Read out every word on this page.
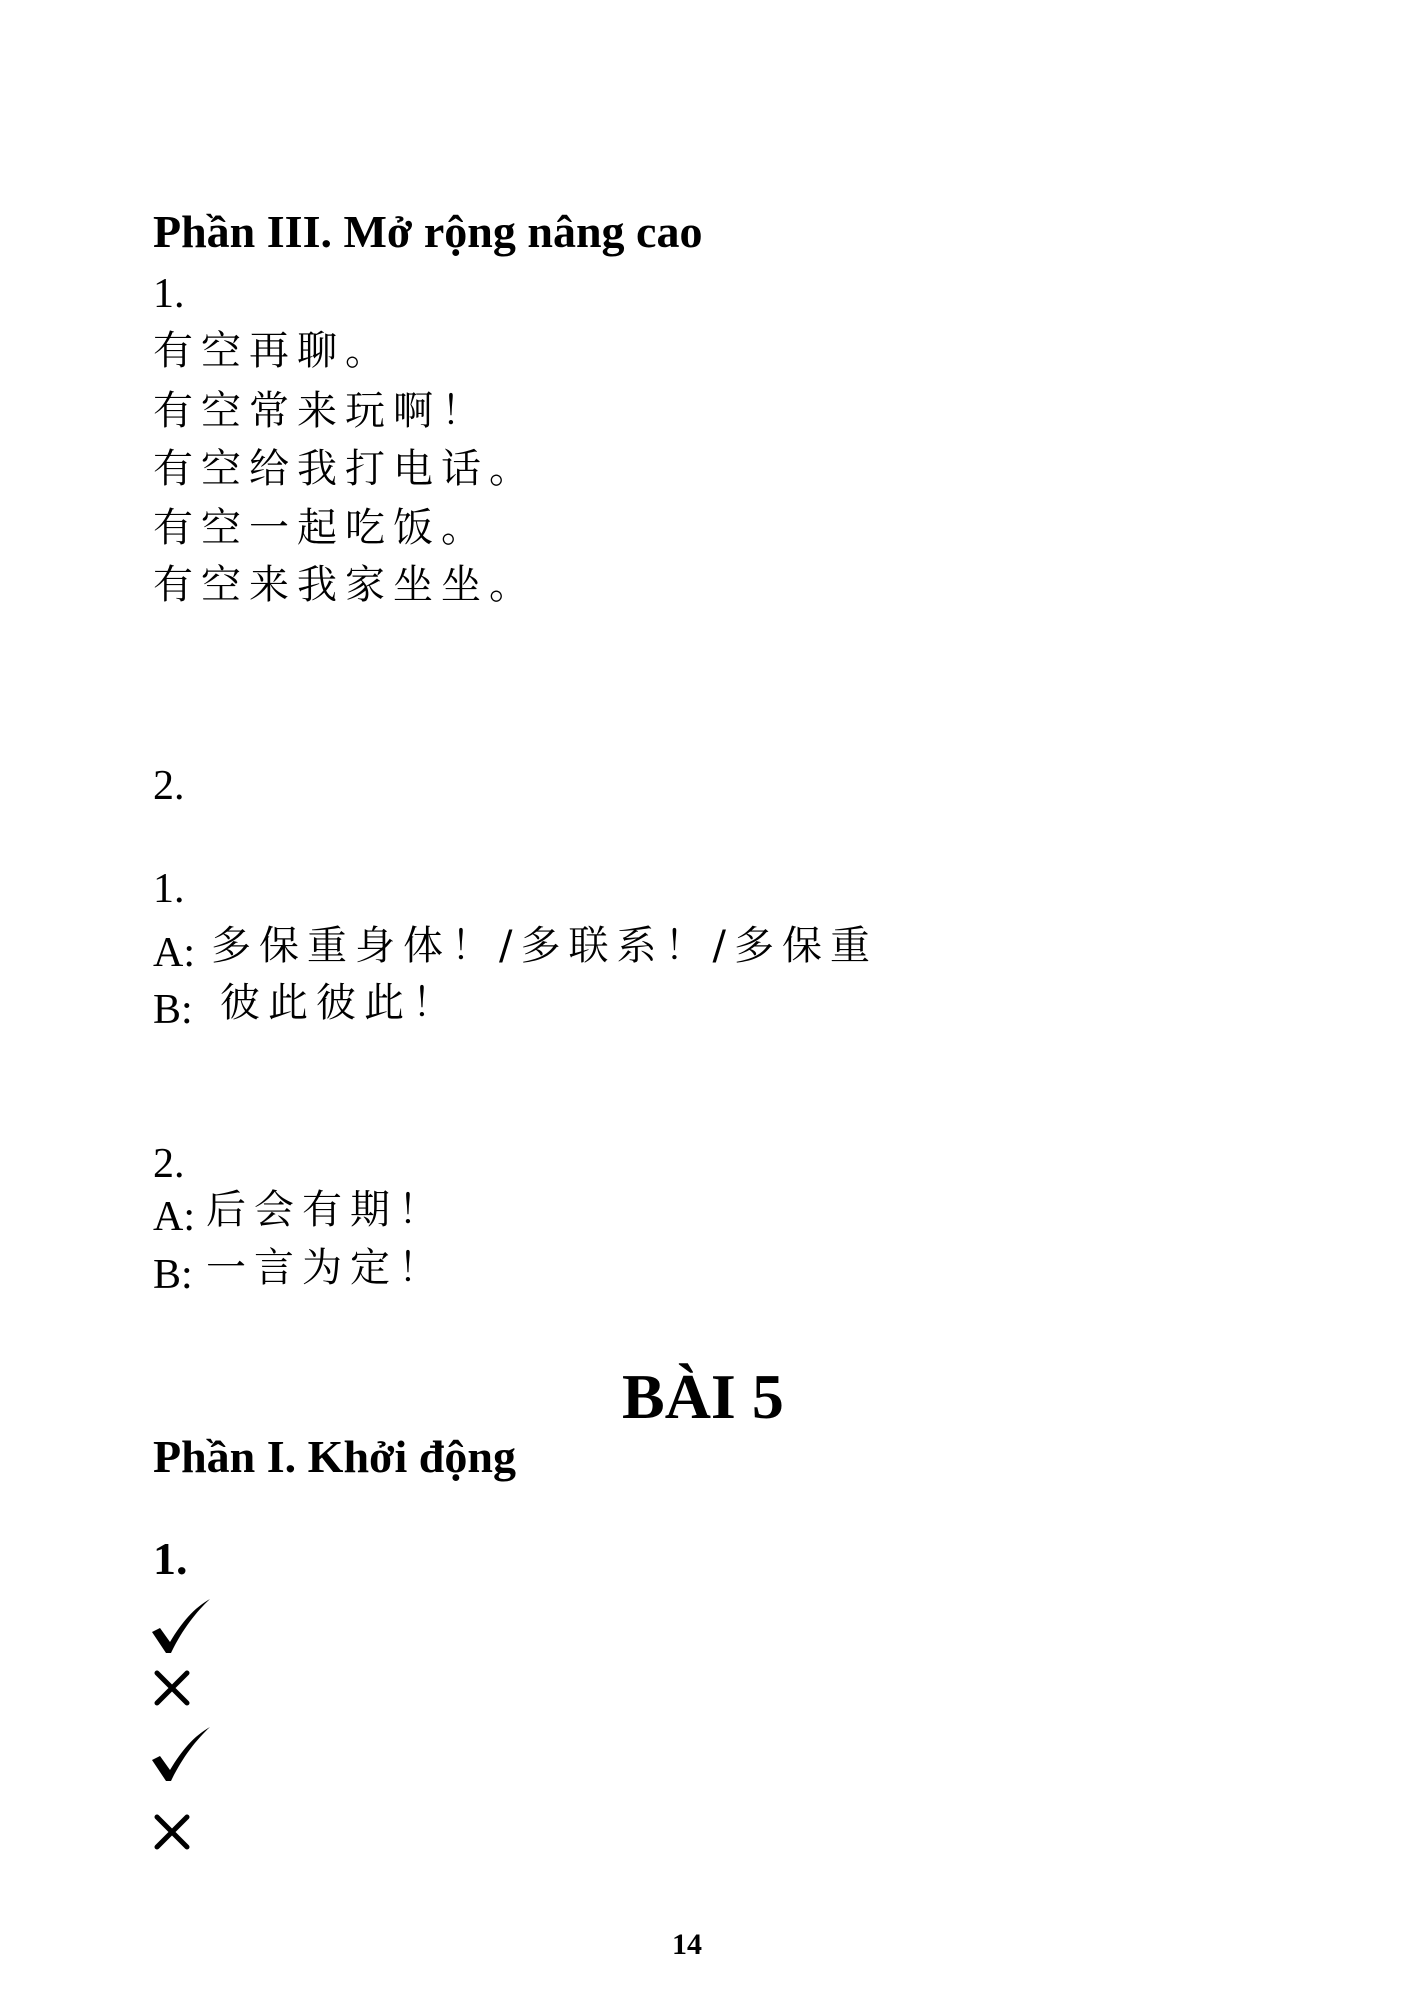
Phần III. Mở rộng nâng cao
1.
有空再聊。
有空常来玩啊！
有空给我打电话。
有空一起吃饭。
有空来我家坐坐。
2.
1.
A: 多保重身体！/多联系！/多保重
B: 彼此彼此！
2.
A: 后会有期！
B: 一言为定！
BÀI 5
Phần I. Khởi động
1.
14
